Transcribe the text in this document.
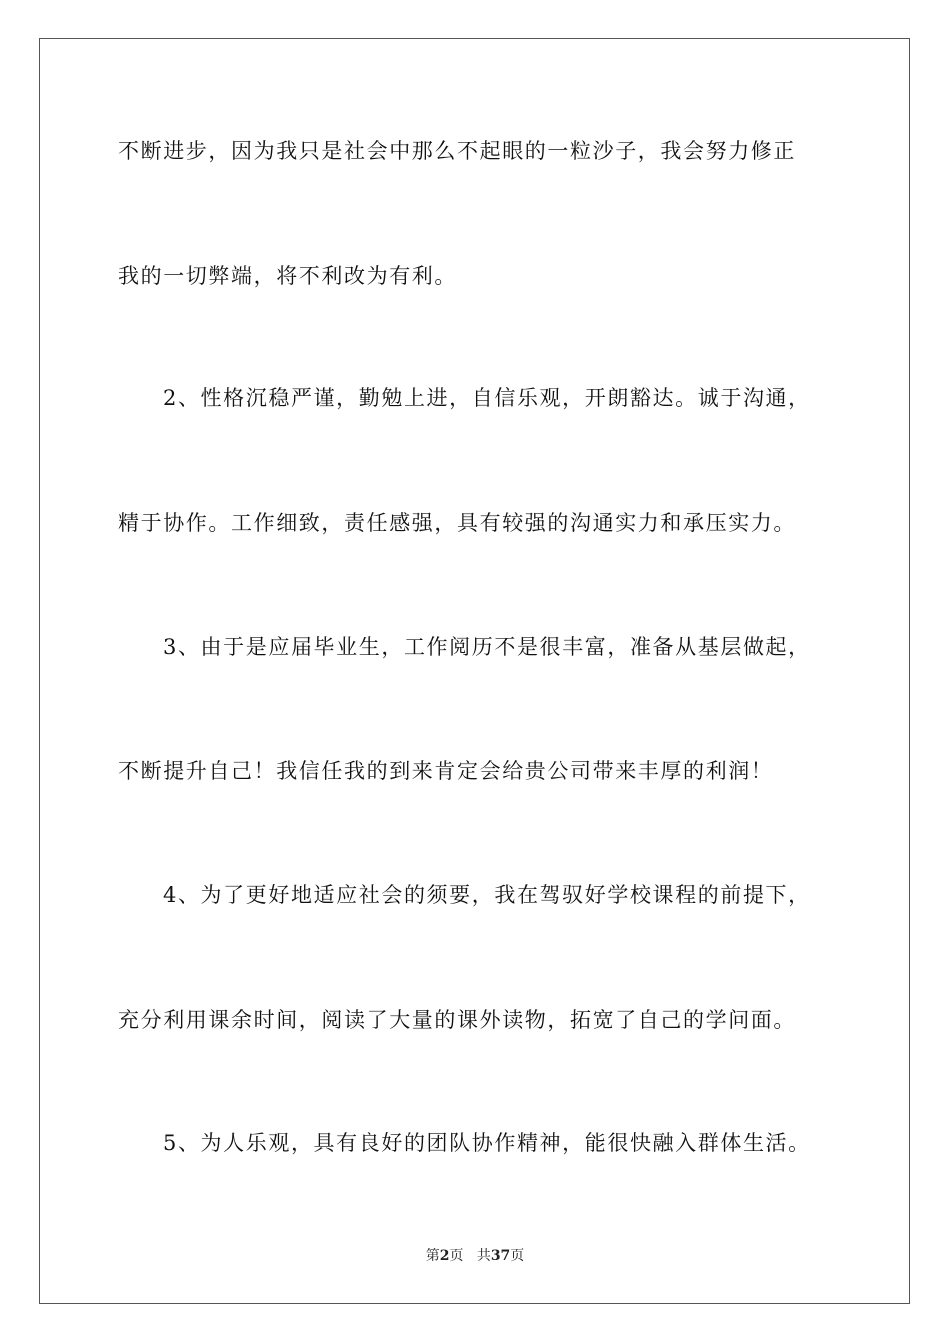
不断进步，因为我只是社会中那么不起眼的一粒沙子，我会努力修正
我的一切弊端，将不利改为有利。
2、性格沉稳严谨，勤勉上进，自信乐观，开朗豁达。诚于沟通，
精于协作。工作细致，责任感强，具有较强的沟通实力和承压实力。
3、由于是应届毕业生，工作阅历不是很丰富，准备从基层做起，
不断提升自己！我信任我的到来肯定会给贵公司带来丰厚的利润！
4、为了更好地适应社会的须要，我在驾驭好学校课程的前提下，
充分利用课余时间，阅读了大量的课外读物，拓宽了自己的学问面。
5、为人乐观，具有良好的团队协作精神，能很快融入群体生活。
第2页 共37页
